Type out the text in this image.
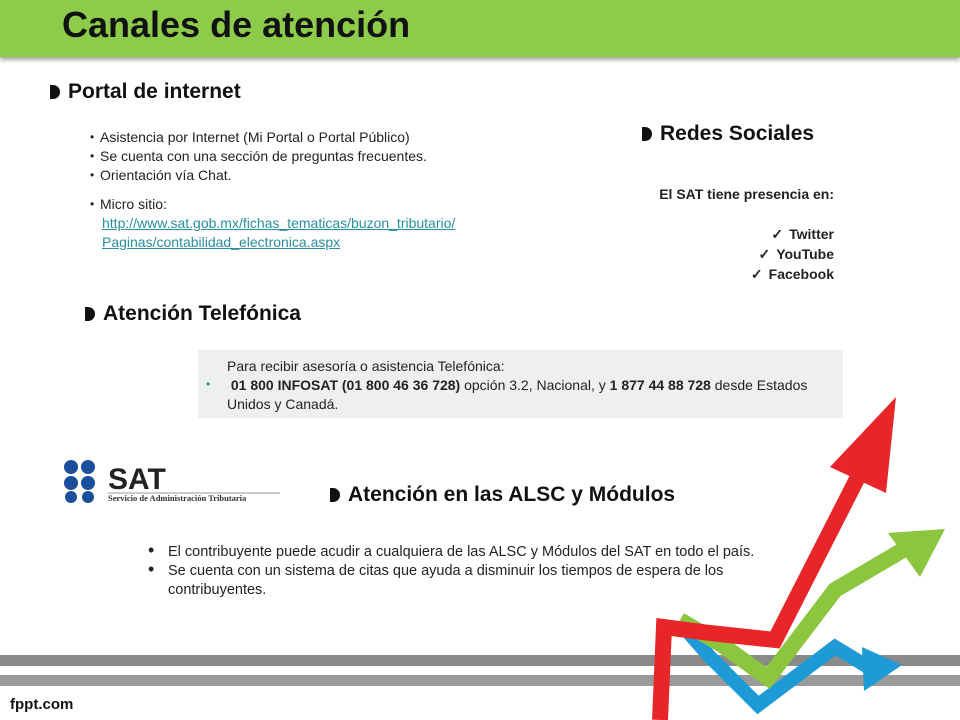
Canales de atención
Portal de internet
• Asistencia por Internet (Mi Portal o Portal Público)
• Se cuenta con una sección de preguntas frecuentes.
• Orientación vía Chat.
• Micro sitio:
http://www.sat.gob.mx/fichas_tematicas/buzon_tributario/
Paginas/contabilidad_electronica.aspx
Redes Sociales
El SAT tiene presencia en:
✓ Twitter
✓ YouTube
✓ Facebook
Atención Telefónica
•
Para recibir asesoría o asistencia Telefónica:
01 800 INFOSAT (01 800 46 36 728) opción 3.2, Nacional, y 1 877 44 88 728 desde Estados Unidos y Canadá.
SAT
Servicio de Administración Tributaria	Atención en las ALSC y Módulos
• El contribuyente puede acudir a cualquiera de las ALSC y Módulos del SAT en todo el país.
• Se cuenta con un sistema de citas que ayuda a disminuir los tiempos de espera de los contribuyentes.
fppt.com
